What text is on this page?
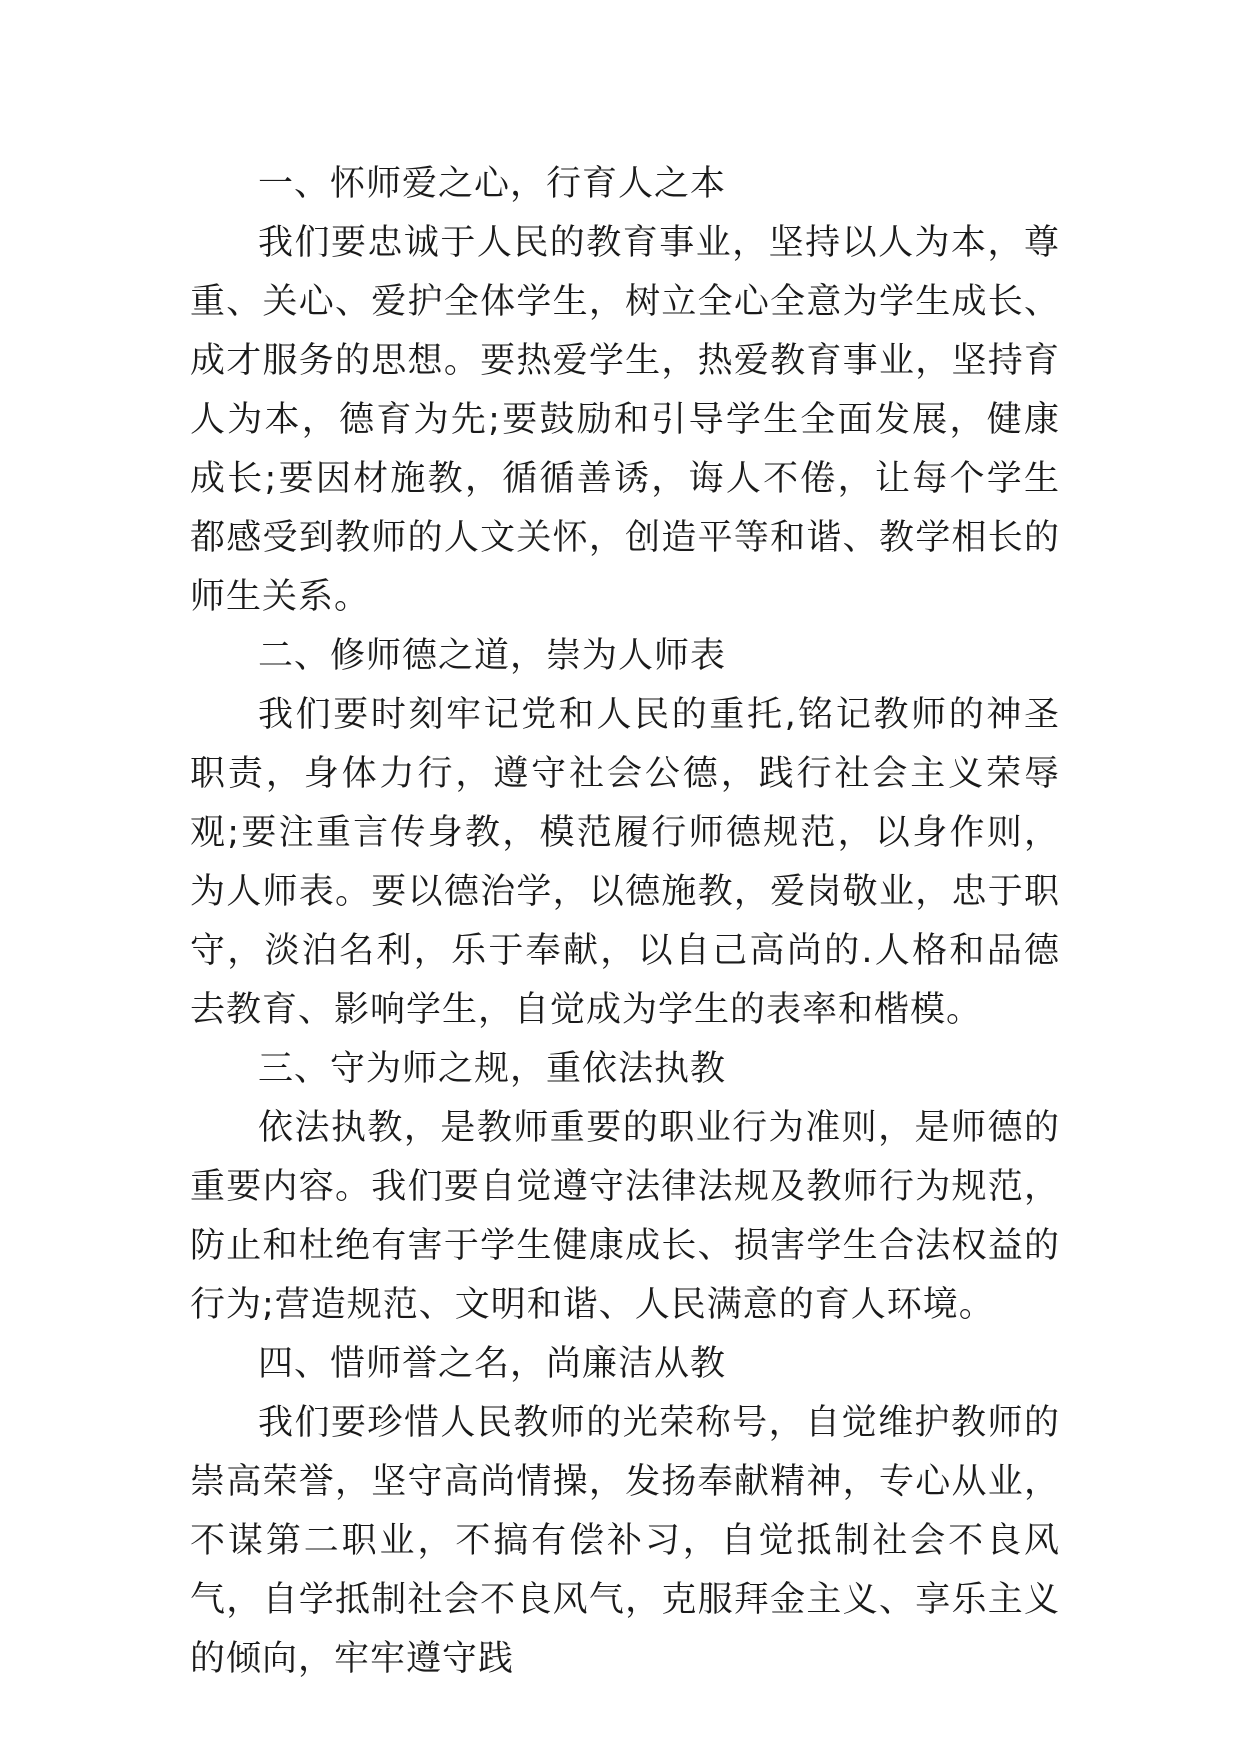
一、怀师爱之心，行育人之本

我们要忠诚于人民的教育事业，坚持以人为本，尊重、关心、爱护全体学生，树立全心全意为学生成长、成才服务的思想。要热爱学生，热爱教育事业，坚持育人为本，德育为先;要鼓励和引导学生全面发展，健康成长;要因材施教，循循善诱，诲人不倦，让每个学生都感受到教师的人文关怀，创造平等和谐、教学相长的师生关系。

二、修师德之道，崇为人师表

我们要时刻牢记党和人民的重托,铭记教师的神圣职责，身体力行，遵守社会公德，践行社会主义荣辱观;要注重言传身教，模范履行师德规范，以身作则，为人师表。要以德治学，以德施教，爱岗敬业，忠于职守，淡泊名利，乐于奉献，以自己高尚的.人格和品德去教育、影响学生，自觉成为学生的表率和楷模。

三、守为师之规，重依法执教

依法执教，是教师重要的职业行为准则，是师德的重要内容。我们要自觉遵守法律法规及教师行为规范，防止和杜绝有害于学生健康成长、损害学生合法权益的行为;营造规范、文明和谐、人民满意的育人环境。

四、惜师誉之名，尚廉洁从教

我们要珍惜人民教师的光荣称号，自觉维护教师的崇高荣誉，坚守高尚情操，发扬奉献精神，专心从业，不谋第二职业，不搞有偿补习，自觉抵制社会不良风气，自学抵制社会不良风气，克服拜金主义、享乐主义的倾向，牢牢遵守践
